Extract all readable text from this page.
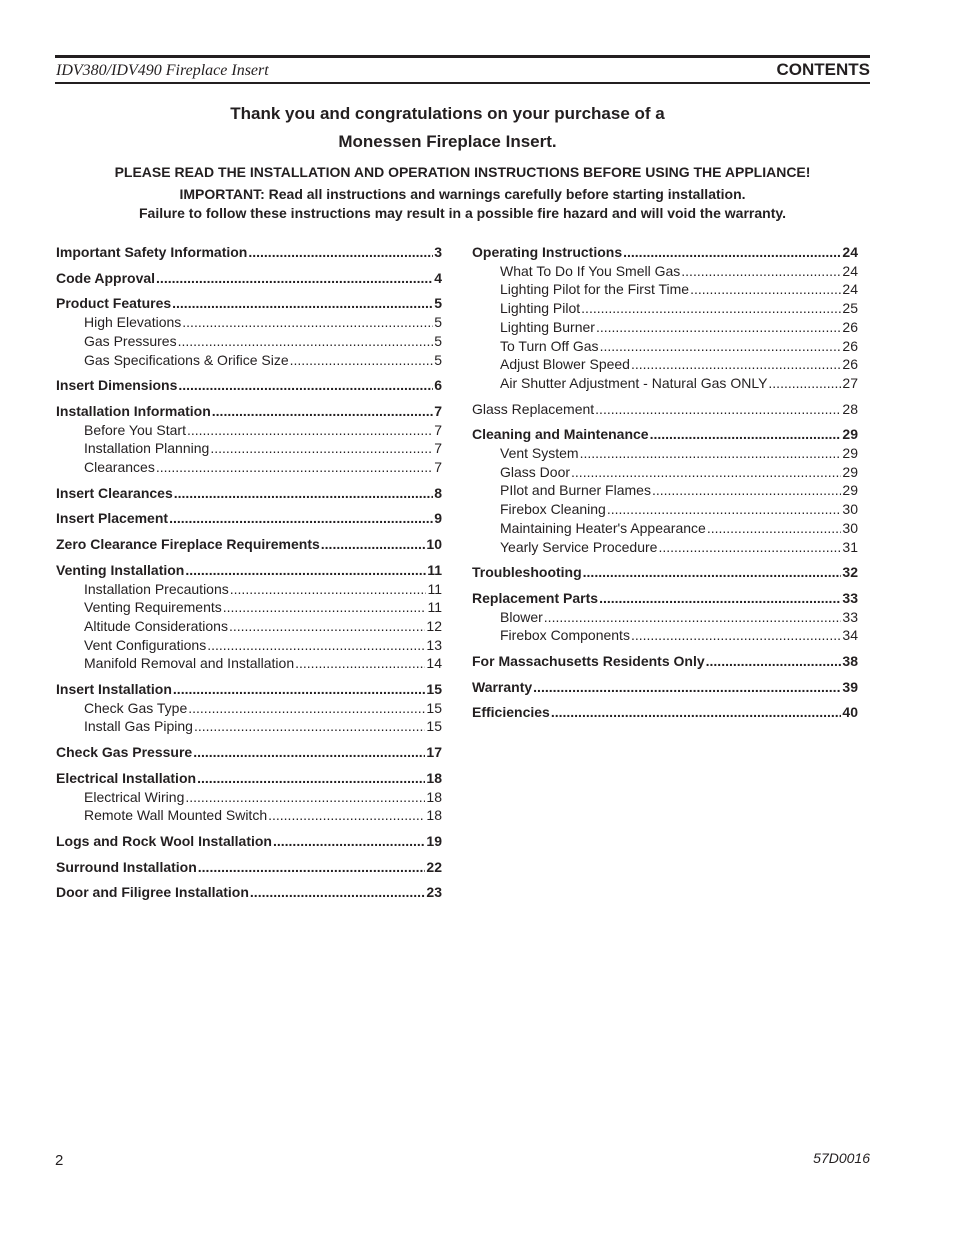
IDV380/IDV490 Fireplace Insert	CONTENTS
Thank you and congratulations on your purchase of a
Monessen Fireplace Insert.
PLEASE READ THE INSTALLATION AND OPERATION INSTRUCTIONS BEFORE USING THE APPLIANCE!
IMPORTANT: Read all instructions and warnings carefully before starting installation.
Failure to follow these instructions may result in a possible fire hazard and will void the warranty.
Important Safety Information .....	3
Code Approval .....	4
Product Features .....	5
High Elevations .....	5
Gas Pressures .....	5
Gas Specifications & Orifice Size .....	5
Insert Dimensions .....	6
Installation Information .....	7
Before You Start .....	7
Installation Planning .....	7
Clearances .....	7
Insert Clearances .....	8
Insert Placement .....	9
Zero Clearance Fireplace Requirements .....	10
Venting Installation .....	11
Installation Precautions .....	11
Venting Requirements .....	11
Altitude Considerations .....	12
Vent Configurations .....	13
Manifold Removal and Installation .....	14
Insert Installation .....	15
Check Gas Type .....	15
Install Gas Piping .....	15
Check Gas Pressure .....	17
Electrical Installation .....	18
Electrical Wiring .....	18
Remote Wall Mounted Switch .....	18
Logs and Rock Wool Installation .....	19
Surround Installation .....	22
Door and Filigree Installation .....	23
Operating Instructions .....	24
What To Do If You Smell Gas .....	24
Lighting Pilot for the First Time .....	24
Lighting Pilot .....	25
Lighting Burner .....	26
To Turn Off Gas .....	26
Adjust Blower Speed .....	26
Air Shutter Adjustment - Natural Gas ONLY .....	27
Glass Replacement .....	28
Cleaning and Maintenance .....	29
Vent System .....	29
Glass Door .....	29
PIlot and Burner Flames .....	29
Firebox Cleaning .....	30
Maintaining Heater's Appearance .....	30
Yearly Service Procedure .....	31
Troubleshooting .....	32
Replacement Parts .....	33
Blower .....	33
Firebox Components .....	34
For Massachusetts Residents Only .....	38
Warranty .....	39
Efficiencies .....	40
2	57D0016
